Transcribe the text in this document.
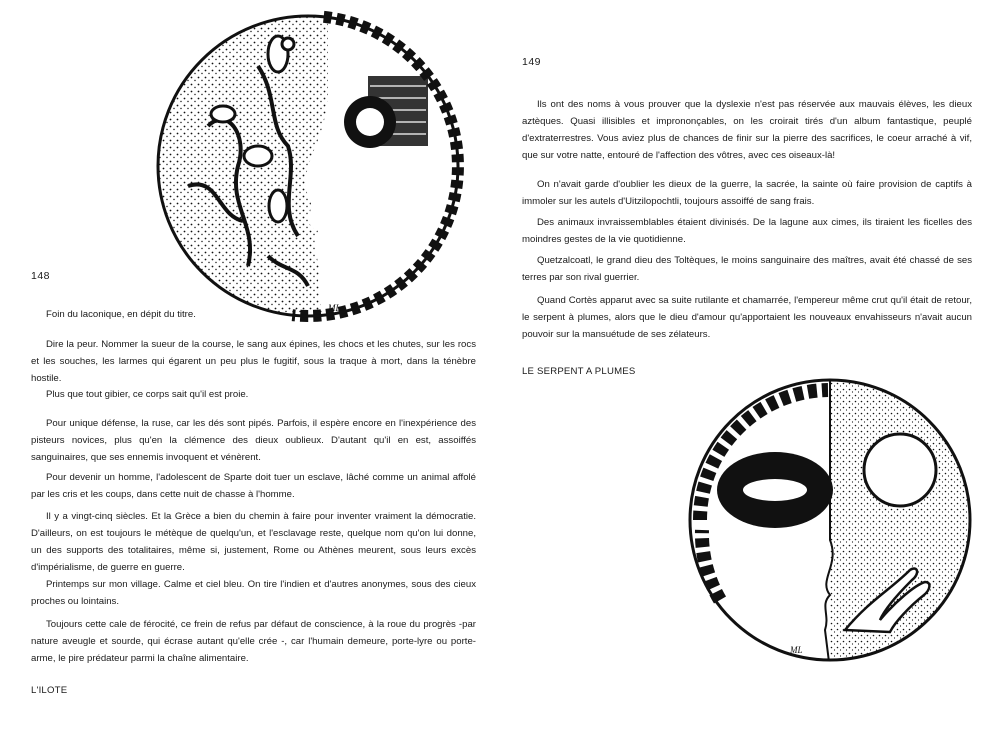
ML
148

Foin du laconique, en dépit du titre.

Dire la peur. Nommer la sueur de la course, le sang aux épines, les chocs et les chutes, sur les rocs et les souches, les larmes qui égarent un peu plus le fugitif, sous la traque à mort, dans la ténèbre hostile.

Plus que tout gibier, ce corps sait qu'il est proie.

Pour unique défense, la ruse, car les dés sont pipés. Parfois, il espère encore en l'inexpérience des pisteurs novices, plus qu'en la clémence des dieux oublieux. D'autant qu'il en est, assoiffés sanguinaires, que ses ennemis invoquent et vénèrent.

Pour devenir un homme, l'adolescent de Sparte doit tuer un esclave, lâché comme un animal affolé par les cris et les coups, dans cette nuit de chasse à l'homme.

Il y a vingt-cinq siècles. Et la Grèce a bien du chemin à faire pour inventer vraiment la démocratie. D'ailleurs, on est toujours le métèque de quelqu'un, et l'esclavage reste, quelque nom qu'on lui donne, un des supports des totalitaires, même si, justement, Rome ou Athènes meurent, sous leurs excès d'impérialisme, de guerre en guerre.

Printemps sur mon village. Calme et ciel bleu. On tire l'indien et d'autres anonymes, sous des cieux proches ou lointains.

Toujours cette cale de férocité, ce frein de refus par défaut de conscience, à la roue du progrès -par nature aveugle et sourde, qui écrase autant qu'elle crée -, car l'humain demeure, porte-lyre ou porte-arme, le pire prédateur parmi la chaîne alimentaire.

L'ILOTE
149

Ils ont des noms à vous prouver que la dyslexie n'est pas réservée aux mauvais élèves, les dieux aztèques. Quasi illisibles et imprononçables, on les croirait tirés d'un album fantastique, peuplé d'extraterrestres. Vous aviez plus de chances de finir sur la pierre des sacrifices, le coeur arraché à vif, que sur votre natte, entouré de l'affection des vôtres, avec ces oiseaux-là!

On n'avait garde d'oublier les dieux de la guerre, la sacrée, la sainte où faire provision de captifs à immoler sur les autels d'Uitzilopochtli, toujours assoiffé de sang frais.

Des animaux invraissemblables étaient divinisés. De la lagune aux cimes, ils tiraient les ficelles des moindres gestes de la vie quotidienne.

Quetzalcoatl, le grand dieu des Toltèques, le moins sanguinaire des maîtres, avait été chassé de ses terres par son rival guerrier.

Quand Cortès apparut avec sa suite rutilante et chamarrée, l'empereur même crut qu'il était de retour, le serpent à plumes, alors que le dieu d'amour qu'apportaient les nouveaux envahisseurs n'avait aucun pouvoir sur la mansuétude de ses zélateurs.

LE SERPENT A PLUMES
ML
